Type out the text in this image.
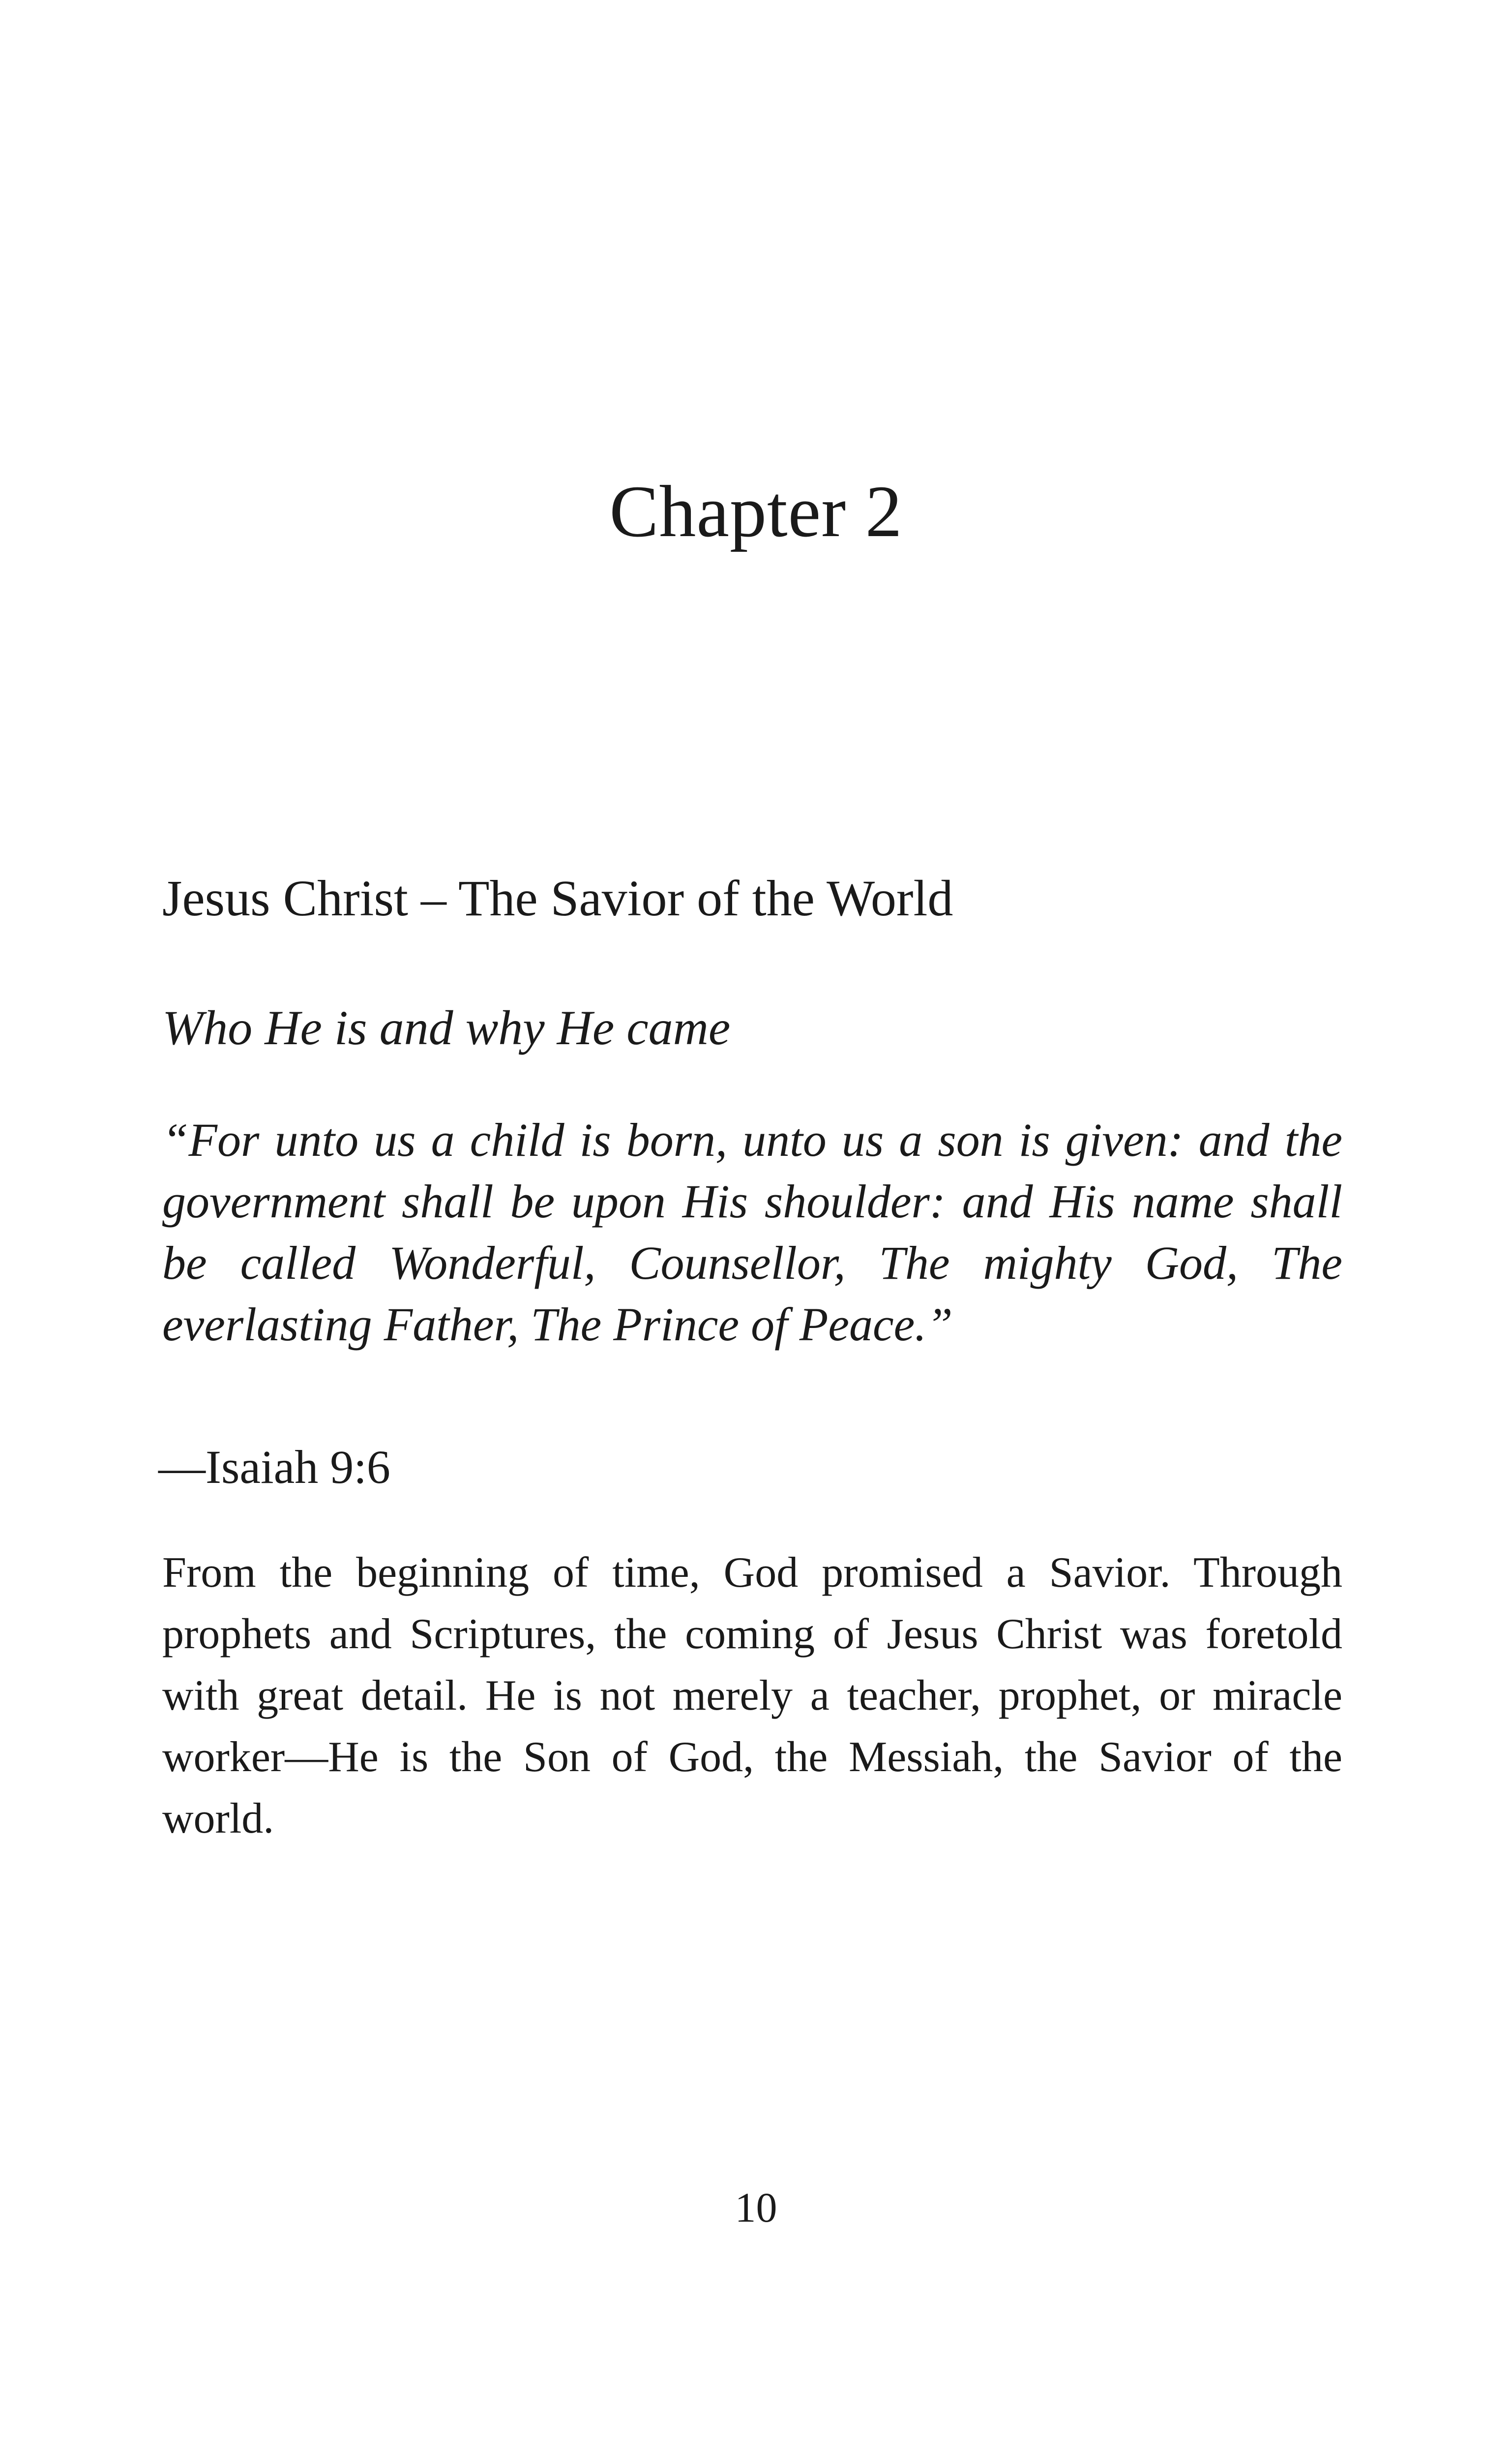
Chapter 2
Jesus Christ – The Savior of the World
Who He is and why He came

“For unto us a child is born, unto us a son is given: and the government shall be upon His shoulder: and His name shall be called Wonderful, Counsellor, The mighty God, The everlasting Father, The Prince of Peace.”

—Isaiah 9:6

From the beginning of time, God promised a Savior. Through prophets and Scriptures, the coming of Jesus Christ was foretold with great detail. He is not merely a teacher, prophet, or miracle worker—He is the Son of God, the Messiah, the Savior of the world.

10
